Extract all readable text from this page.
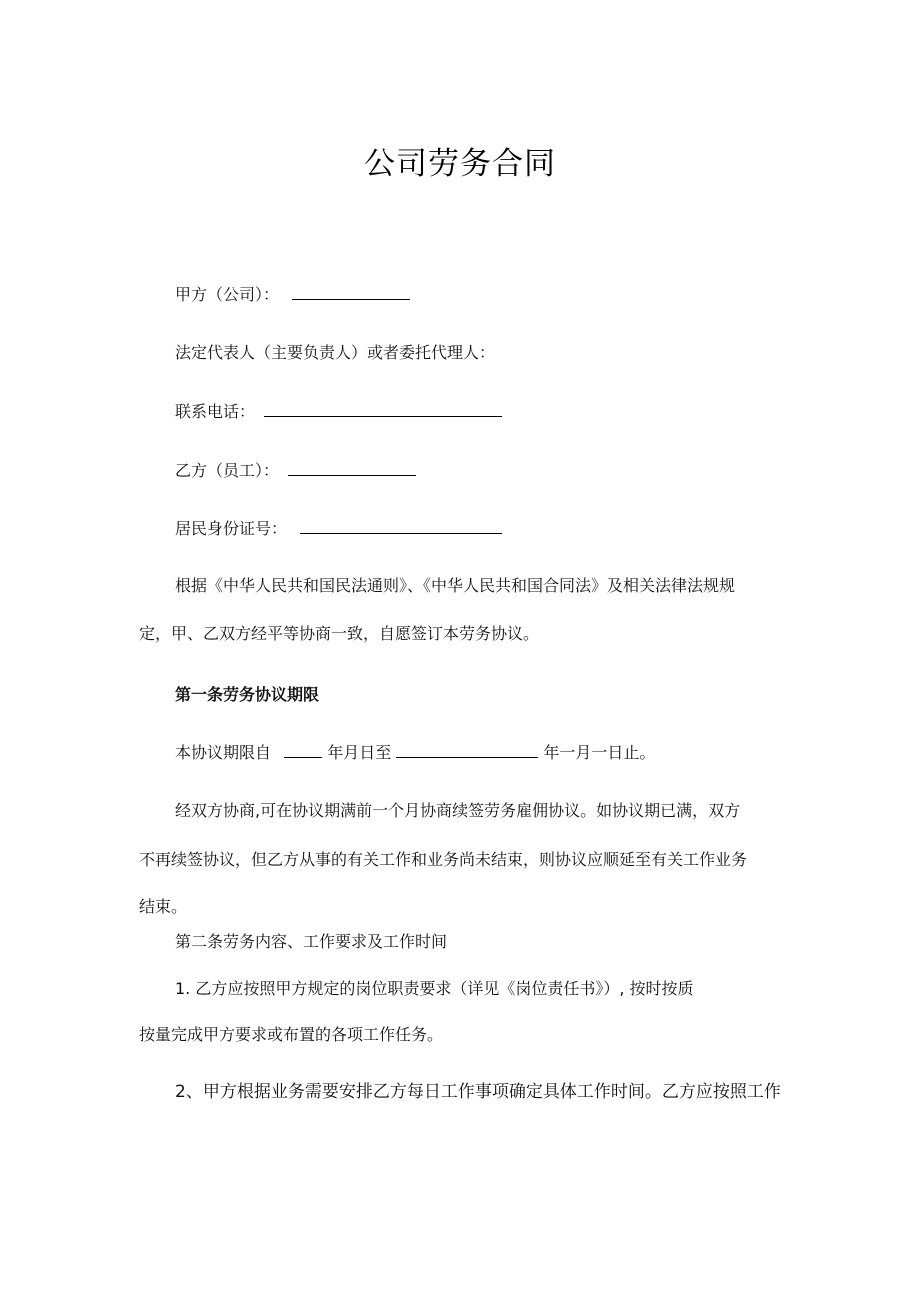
公司劳务合同
甲方（公司）：
法定代表人（主要负责人）或者委托代理人：
联系电话：
乙方（员工）：
居民身份证号：
根据《中华人民共和国民法通则》、《中华人民共和国合同法》及相关法律法规规
定，甲、乙双方经平等协商一致，自愿签订本劳务协议。
第一条劳务协议期限
本协议期限自	年月日至	年一月一日止。
经双方协商,可在协议期满前一个月协商续签劳务雇佣协议。如协议期已满，双方
不再续签协议，但乙方从事的有关工作和业务尚未结束，则协议应顺延至有关工作业务
结束。
第二条劳务内容、工作要求及工作时间
1. 乙方应按照甲方规定的岗位职责要求（详见《岗位责任书》）, 按时按质
按量完成甲方要求或布置的各项工作任务。
2、甲方根据业务需要安排乙方每日工作事项确定具体工作时间。乙方应按照工作
